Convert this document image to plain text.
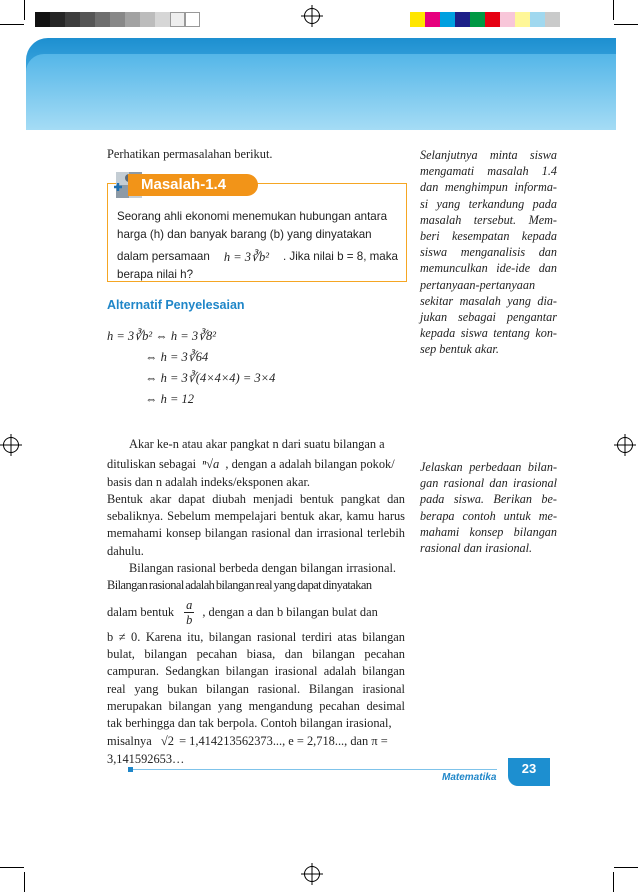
Perhatikan permasalahan berikut.
Masalah-1.4
Seorang ahli ekonomi menemukan hubungan antara
harga (h) dan banyak barang (b) yang dinyatakan
dalam persamaan h = 3∛b² . Jika nilai b = 8, maka
berapa nilai h?
Alternatif Penyelesaian
h = 3∛b² ⇔ h = 3∛8²
⇔ h = 3∛64
⇔ h = 3∛(4×4×4) = 3×4
⇔ h = 12
Akar ke-n atau akar pangkat n dari suatu bilangan a
dituliskan sebagai ⁿ√a , dengan a adalah bilangan pokok/
basis dan n adalah indeks/eksponen akar.
Bentuk akar dapat diubah menjadi bentuk pangkat dan sebaliknya. Sebelum mempelajari bentuk akar, kamu harus memahami konsep bilangan rasional dan irrasional terlebih dahulu.
Bilangan rasional berbeda dengan bilangan irrasional.
Bilangan rasional adalah bilangan real yang dapat dinyatakan
dalam bentuk $\frac{a}{b}$ , dengan a dan b bilangan bulat dan
b ≠ 0. Karena itu, bilangan rasional terdiri atas bilangan bulat, bilangan pecahan biasa, dan bilangan pecahan campuran. Sedangkan bilangan irasional adalah bilangan real yang bukan bilangan rasional. Bilangan irasional merupakan bilangan yang mengandung pecahan desimal tak berhingga dan tak berpola. Contoh bilangan irasional,
misalnya √2 = 1,414213562373..., e = 2,718..., dan π =
3,141592653…
Selanjutnya minta siswa mengamati masalah 1.4 dan menghimpun informa- si yang terkandung pada masalah tersebut. Mem- beri kesempatan kepada siswa menganalisis dan memunculkan ide-ide dan pertanyaan-pertanyaan sekitar masalah yang dia- jukan sebagai pengantar kepada siswa tentang kon- sep bentuk akar.
Jelaskan perbedaan bilan- gan rasional dan irasional pada siswa. Berikan be- berapa contoh untuk me- mahami konsep bilangan rasional dan irasional.
Matematika
23
